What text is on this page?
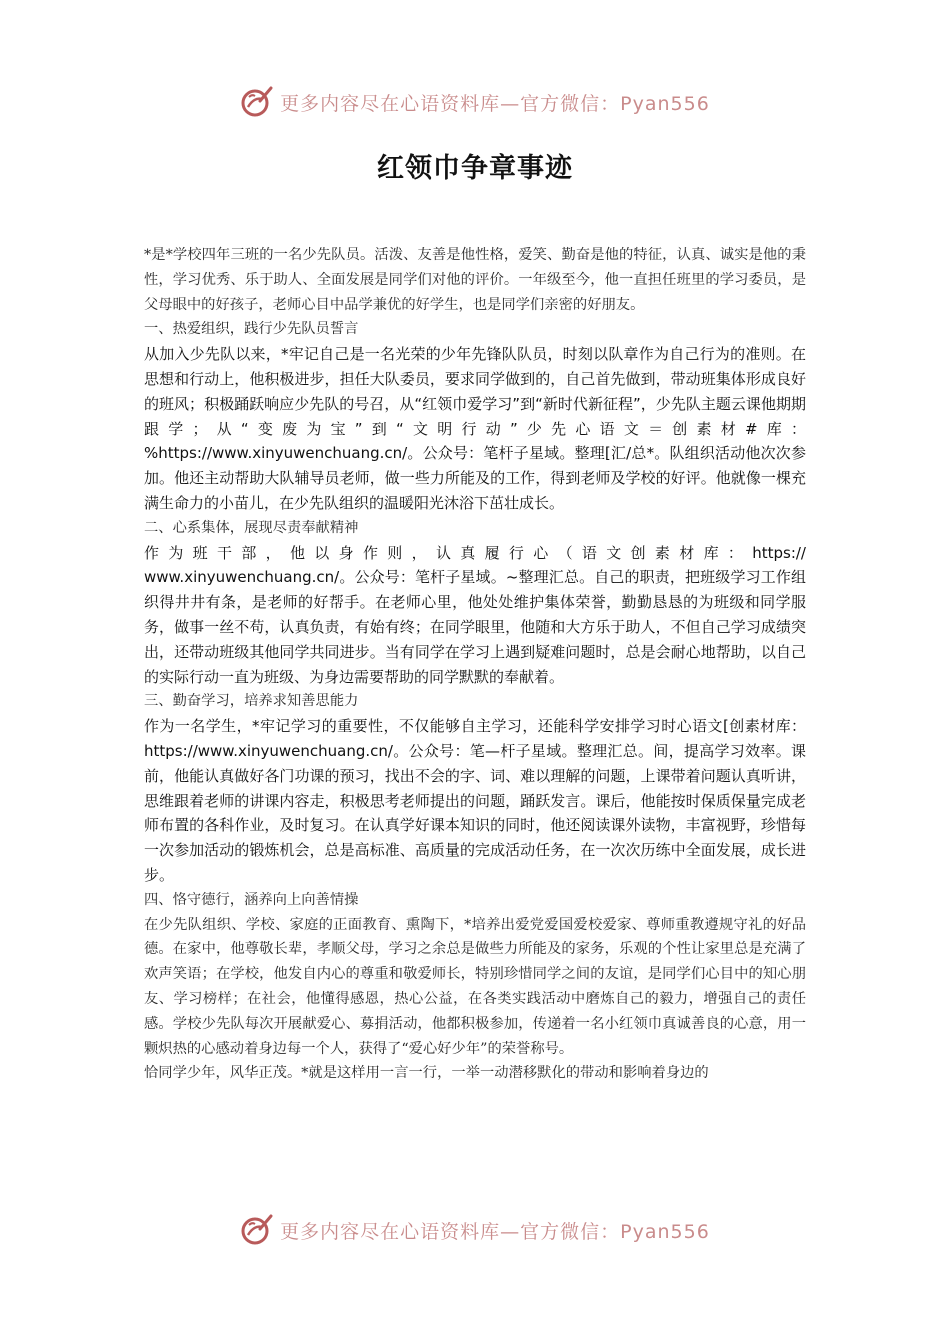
更多内容尽在心语资料库—官方微信：Pyan556
红领巾争章事迹

*是*学校四年三班的一名少先队员。活泼、友善是他性格，爱笑、勤奋是他的特征，认真、诚实是他的秉性，学习优秀、乐于助人、全面发展是同学们对他的评价。一年级至今，他一直担任班里的学习委员，是父母眼中的好孩子，老师心目中品学兼优的好学生，也是同学们亲密的好朋友。

一、热爱组织，践行少先队员誓言

从加入少先队以来，*牢记自己是一名光荣的少年先锋队队员，时刻以队章作为自己行为的准则。在思想和行动上，他积极进步，担任大队委员，要求同学做到的，自己首先做到，带动班集体形成良好的班风；积极踊跃响应少先队的号召，从“红领巾爱学习”到“新时代新征程”，少先队主题云课他期期跟学；从“变废为宝”到“文明行动”少先心语文＝创素材#库：%https://www.xinyuwenchuang.cn/。公众号：笔杆子星域。整理[汇/总*。队组织活动他次次参加。他还主动帮助大队辅导员老师，做一些力所能及的工作，得到老师及学校的好评。他就像一棵充满生命力的小苗儿，在少先队组织的温暖阳光沐浴下茁壮成长。

二、心系集体，展现尽责奉献精神

作为班干部，他以身作则，认真履行心（语文创素材库：https://

www.xinyuwenchuang.cn/。公众号：笔杆子星域。~整理汇总。自己的职责，把班级学习工作组织得井井有条，是老师的好帮手。在老师心里，他处处维护集体荣誉，勤勤恳恳的为班级和同学服务，做事一丝不苟，认真负责，有始有终；在同学眼里，他随和大方乐于助人，不但自己学习成绩突出，还带动班级其他同学共同进步。当有同学在学习上遇到疑难问题时，总是会耐心地帮助，以自己的实际行动一直为班级、为身边需要帮助的同学默默的奉献着。

三、勤奋学习，培养求知善思能力

作为一名学生，*牢记学习的重要性，不仅能够自主学习，还能科学安排学习时心语文[创素材库：https://www.xinyuwenchuang.cn/。公众号：笔—杆子星域。整理汇总。间，提高学习效率。课前，他能认真做好各门功课的预习，找出不会的字、词、难以理解的问题，上课带着问题认真听讲，思维跟着老师的讲课内容走，积极思考老师提出的问题，踊跃发言。课后，他能按时保质保量完成老师布置的各科作业，及时复习。在认真学好课本知识的同时，他还阅读课外读物，丰富视野，珍惜每一次参加活动的锻炼机会，总是高标准、高质量的完成活动任务，在一次次历练中全面发展，成长进步。

四、恪守德行，涵养向上向善情操

在少先队组织、学校、家庭的正面教育、熏陶下，*培养出爱党爱国爱校爱家、尊师重教遵规守礼的好品德。在家中，他尊敬长辈，孝顺父母，学习之余总是做些力所能及的家务，乐观的个性让家里总是充满了欢声笑语；在学校，他发自内心的尊重和敬爱师长，特别珍惜同学之间的友谊，是同学们心目中的知心朋友、学习榜样；在社会，他懂得感恩，热心公益，在各类实践活动中磨炼自己的毅力，增强自己的责任感。学校少先队每次开展献爱心、募捐活动，他都积极参加，传递着一名小红领巾真诚善良的心意，用一颗炽热的心感动着身边每一个人，获得了“爱心好少年”的荣誉称号。

恰同学少年，风华正茂。*就是这样用一言一行，一举一动潜移默化的带动和影响着身边的

更多内容尽在心语资料库—官方微信：Pyan556
